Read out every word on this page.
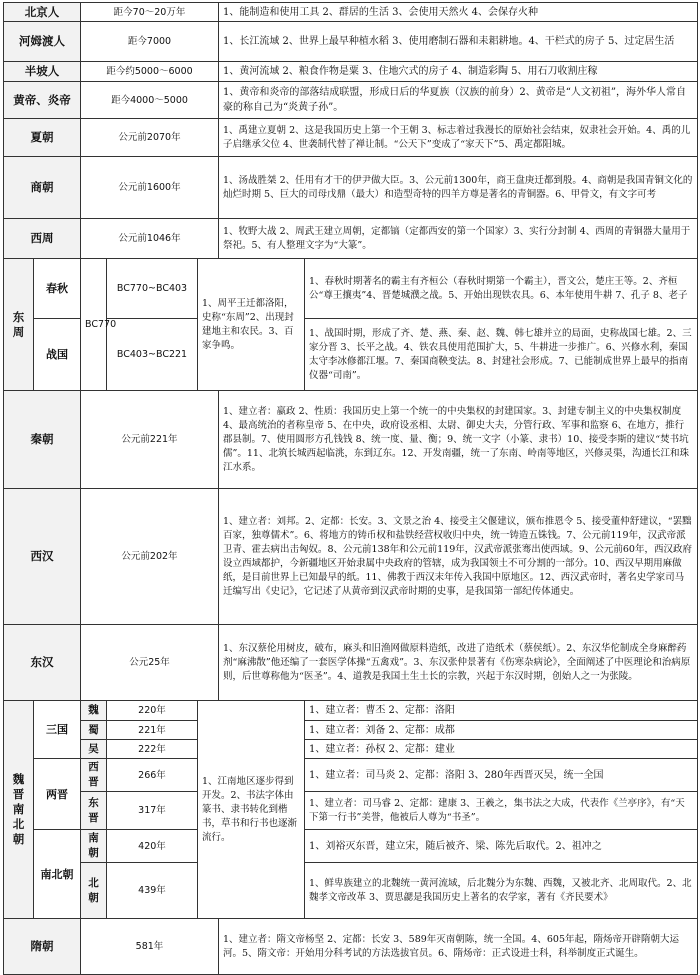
北京人		距今70～20万年			1、能制造和使用工具 2、群居的生活 3、会使用天然火 4、会保存火种	
河姆渡人		距今7000			1、长江流域 2、世界上最早种植水稻 3、使用磨制石器和耒耜耕地。4、干栏式的房子 5、过定居生活	
半坡人		距今约5000～6000			1、黄河流域 2、粮食作物是粟 3、住地穴式的房子 4、制造彩陶 5、用石刀收割庄稼	
黄帝、炎帝		距今4000～5000			1、黄帝和炎帝的部落结成联盟，形成日后的华夏族（汉族的前身）2、黄帝是“人文初祖”，海外华人常自豪的称自己为“炎黄子孙”。	
夏朝		公元前2070年			1、禹建立夏朝 2、这是我国历史上第一个王朝 3、标志着过我漫长的原始社会结束，奴隶社会开始。4、禹的儿子启继承父位 4、世袭制代替了禅让制。“公天下”变成了“家天下”5、禹定都阳城。	
商朝		公元前1600年			1、汤战胜桀 2、任用有才干的伊尹做大臣。3、公元前1300年，商王盘庚迁都到殷。4、商朝是我国青铜文化的灿烂时期 5、巨大的司母戊鼎（最大）和造型奇特的四羊方尊是著名的青铜器。6、甲骨文，有文字可考	
西周		公元前1046年			1、牧野大战 2、周武王建立周朝，定都镐（定都西安的第一个国家）3、实行分封制 4、西周的青铜器大量用于祭祀。5、有人整理文字为“大篆”。	
东周	春秋	BC770	BC770~BC403	1、周平王迁都洛阳，史称“东周”2、出现封建地主和农民。3、百家争鸣。		1、春秋时期著名的霸主有齐桓公（春秋时期第一个霸主），晋文公，楚庄王等。2、齐桓公“尊王攘夷”4、晋楚城濮之战。5、开始出现铁农具。6、本年使用牛耕 7、孔子 8、老子
	战国		BC403~BC221			1、战国时期，形成了齐、楚、燕、秦、赵、魏、韩七雄并立的局面，史称战国七雄。2、三家分晋 3、长平之战。4、铁农具使用范围扩大，5、牛耕进一步推广。6、兴修水利，秦国太守李冰修都江堰。7、秦国商鞅变法。8、封建社会形成。7、已能制成世界上最早的指南仪器“司南”。
秦朝		公元前221年			1、建立者：嬴政 2、性质：我国历史上第一个统一的中央集权的封建国家。3、封建专制主义的中央集权制度 4、最高统治的者称皇帝 5、在中央，政府设丞相、太尉、御史大夫，分管行政、军事和监察 6、在地方，推行郡县制。7、使用圆形方孔钱钱 8、统一度、量、衡；9、统一文字（小篆、隶书）10、接受李斯的建议“焚书坑儒”。11、北筑长城西起临洮，东到辽东。12、开发南疆，统一了东南、岭南等地区，兴修灵渠，沟通长江和珠江水系。	
西汉		公元前202年			1、建立者：刘邦。2、定都：长安。3、文景之治 4、接受主父偃建议，颁布推恩令 5、接受董仲舒建议，“罢黜百家，独尊儒术”。6、将地方的铸币权和盐铁经营权收归中央，统一铸造五铢钱。7、公元前119年，汉武帝派卫青、霍去病出击匈奴。8、公元前138年和公元前119年，汉武帝派张骞出使西域。9、公元前60年，西汉政府设立西域都护，今新疆地区开始隶属中央政府的管辖，成为我国领土不可分割的一部分。10、西汉早期用麻做纸，是目前世界上已知最早的纸。11、佛教于西汉末年传入我国中原地区。12、西汉武帝时，著名史学家司马迁编写出《史记》，它记述了从黄帝到汉武帝时期的史事，是我国第一部纪传体通史。	
东汉		公元25年			1、东汉蔡伦用树皮，破布，麻头和旧渔网做原料造纸，改进了造纸术（蔡侯纸）。2、东汉华佗制成全身麻醉药剂“麻沸散”他还编了一套医学体操“五禽戏”。3、东汉张仲景著有《伤寒杂病论》，全面阐述了中医理论和治病原则，后世尊称他为“医圣”。4、道教是我国土生土长的宗教，兴起于东汉时期，创始人之一为张陵。	
魏晋南北朝	三国	魏	220年	1、江南地区逐步得到开发。2、书法字体由篆书、隶书转化到楷书，草书和行书也逐渐流行。		1、建立者：曹丕 2、定都：洛阳
		蜀	221年			1、建立者：刘备 2、定都：成都
		吴	222年			1、建立者：孙权 2、定都：建业
	两晋	西晋	266年			1、建立者：司马炎 2、定都：洛阳 3、280年西晋灭吴，统一全国
		东晋	317年			1、建立者：司马睿 2、定都：建康 3、王羲之，集书法之大成，代表作《兰亭序》，有“天下第一行书”美誉，他被后人尊为“书圣”。
	南北朝	南朝	420年			1、刘裕灭东晋，建立宋，随后被齐、梁、陈先后取代。2、祖冲之
		北朝	439年			1、鲜卑族建立的北魏统一黄河流域，后北魏分为东魏、西魏，又被北齐、北周取代。2、北魏孝文帝改革 3、贾思勰是我国历史上著名的农学家，著有《齐民要术》
隋朝		581年			1、建立者：隋文帝杨坚 2、定都：长安 3、589年灭南朝陈，统一全国。4、605年起，隋炀帝开辟隋朝大运河。5、隋文帝：开始用分科考试的方法选拔官员。6、隋炀帝：正式设进士科，科举制度正式诞生。	
